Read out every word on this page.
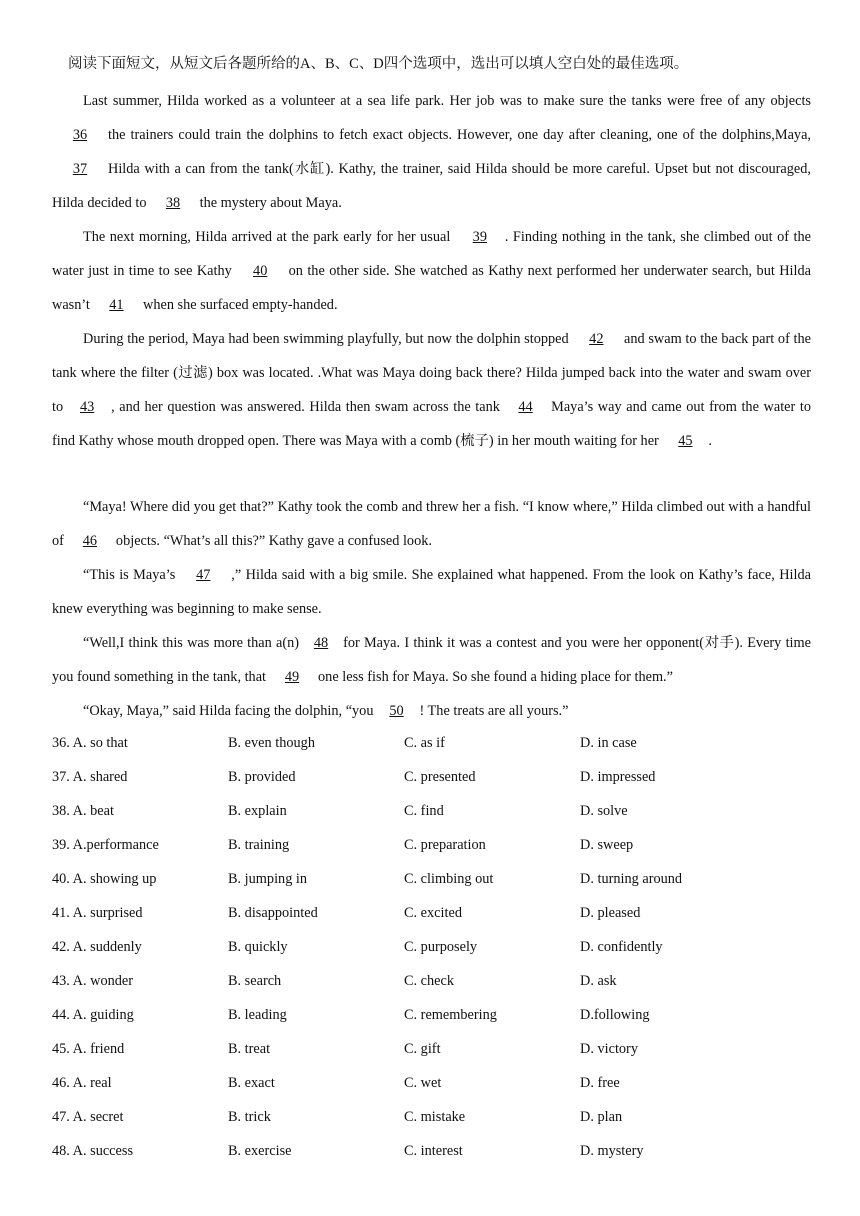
阅读下面短文，从短文后各题所给的A、B、C、D四个选项中，选出可以填人空白处的最佳选项。

Last summer, Hilda worked as a volunteer at a sea life park. Her job was to make sure the tanks were free of any objects36 the trainers could train the dolphins to fetch exact objects. However, one day after cleaning, one of the dolphins,Maya, 37 Hilda with a can from the tank(水缸). Kathy, the trainer, said Hilda should be more careful. Upset but not discouraged, Hilda decided to 38 the mystery about Maya.

The next morning, Hilda arrived at the park early for her usual 39 . Finding nothing in the tank, she climbed out of the water just in time to see Kathy 40 on the other side. She watched as Kathy next performed her underwater search, but Hilda wasn’t 41 when she surfaced empty-handed.

During the period, Maya had been swimming playfully, but now the dolphin stopped 42 and swam to the back part of the tank where the filter (过滤) box was located. .What was Maya doing back there? Hilda jumped back into the water and swam over to 43 , and her question was answered. Hilda then swam across the tank 44 Maya’s way and came out from the water to find Kathy whose mouth dropped open. There was Maya with a comb (梳子) in her mouth waiting for her 45 .

“Maya! Where did you get that?” Kathy took the comb and threw her a fish. “I know where,” Hilda climbed out with a handful of 46 objects. “What’s all this?” Kathy gave a confused look.

“This is Maya’s 47 ,” Hilda said with a big smile. She explained what happened. From the look on Kathy’s face, Hilda knew everything was beginning to make sense.

“Well,I think this was more than a(n) 48 for Maya. I think it was a contest and you were her opponent(对手). Every time you found something in the tank, that 49 one less fish for Maya. So she found a hiding place for them.”

“Okay, Maya,” said Hilda facing the dolphin, “you 50 ! The treats are all yours.”

36. A. so that	B. even though	C. as if	D. in case
37. A. shared	B. provided	C. presented	D. impressed
38. A. beat	B. explain	C. find	D. solve
39. A.performance	B. training	C. preparation	D. sweep
40. A. showing up	B. jumping in	C. climbing out	D. turning around
41. A. surprised	B. disappointed	C. excited	D. pleased
42. A. suddenly	B. quickly	C. purposely	D. confidently
43. A. wonder	B. search	C. check	D. ask
44. A. guiding	B. leading	C. remembering	D.following
45. A. friend	B. treat	C. gift	D. victory
46. A. real	B. exact	C. wet	D. free
47. A. secret	B. trick	C. mistake	D. plan
48. A. success	B. exercise	C. interest	D. mystery
